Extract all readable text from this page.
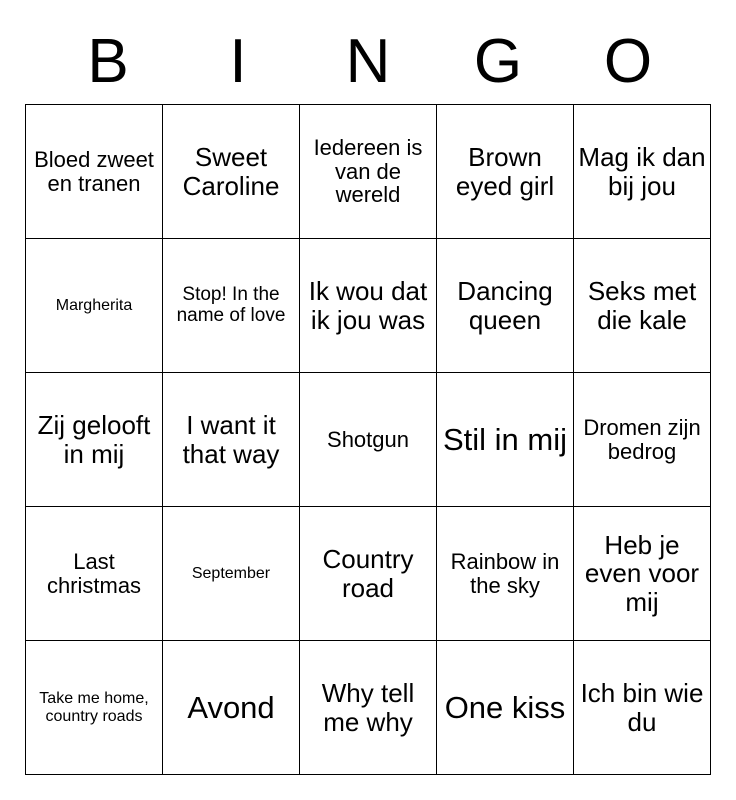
B	I	N	G	O
Bloed zweet en tranen	Sweet Caroline	Iedereen is van de wereld	Brown eyed girl	Mag ik dan bij jou
Margherita	Stop! In the name of love	Ik wou dat ik jou was	Dancing queen	Seks met die kale
Zij gelooft in mij	I want it that way	Shotgun	Stil in mij	Dromen zijn bedrog
Last christmas	September	Country road	Rainbow in the sky	Heb je even voor mij
Take me home, country roads	Avond	Why tell me why	One kiss	Ich bin wie du
